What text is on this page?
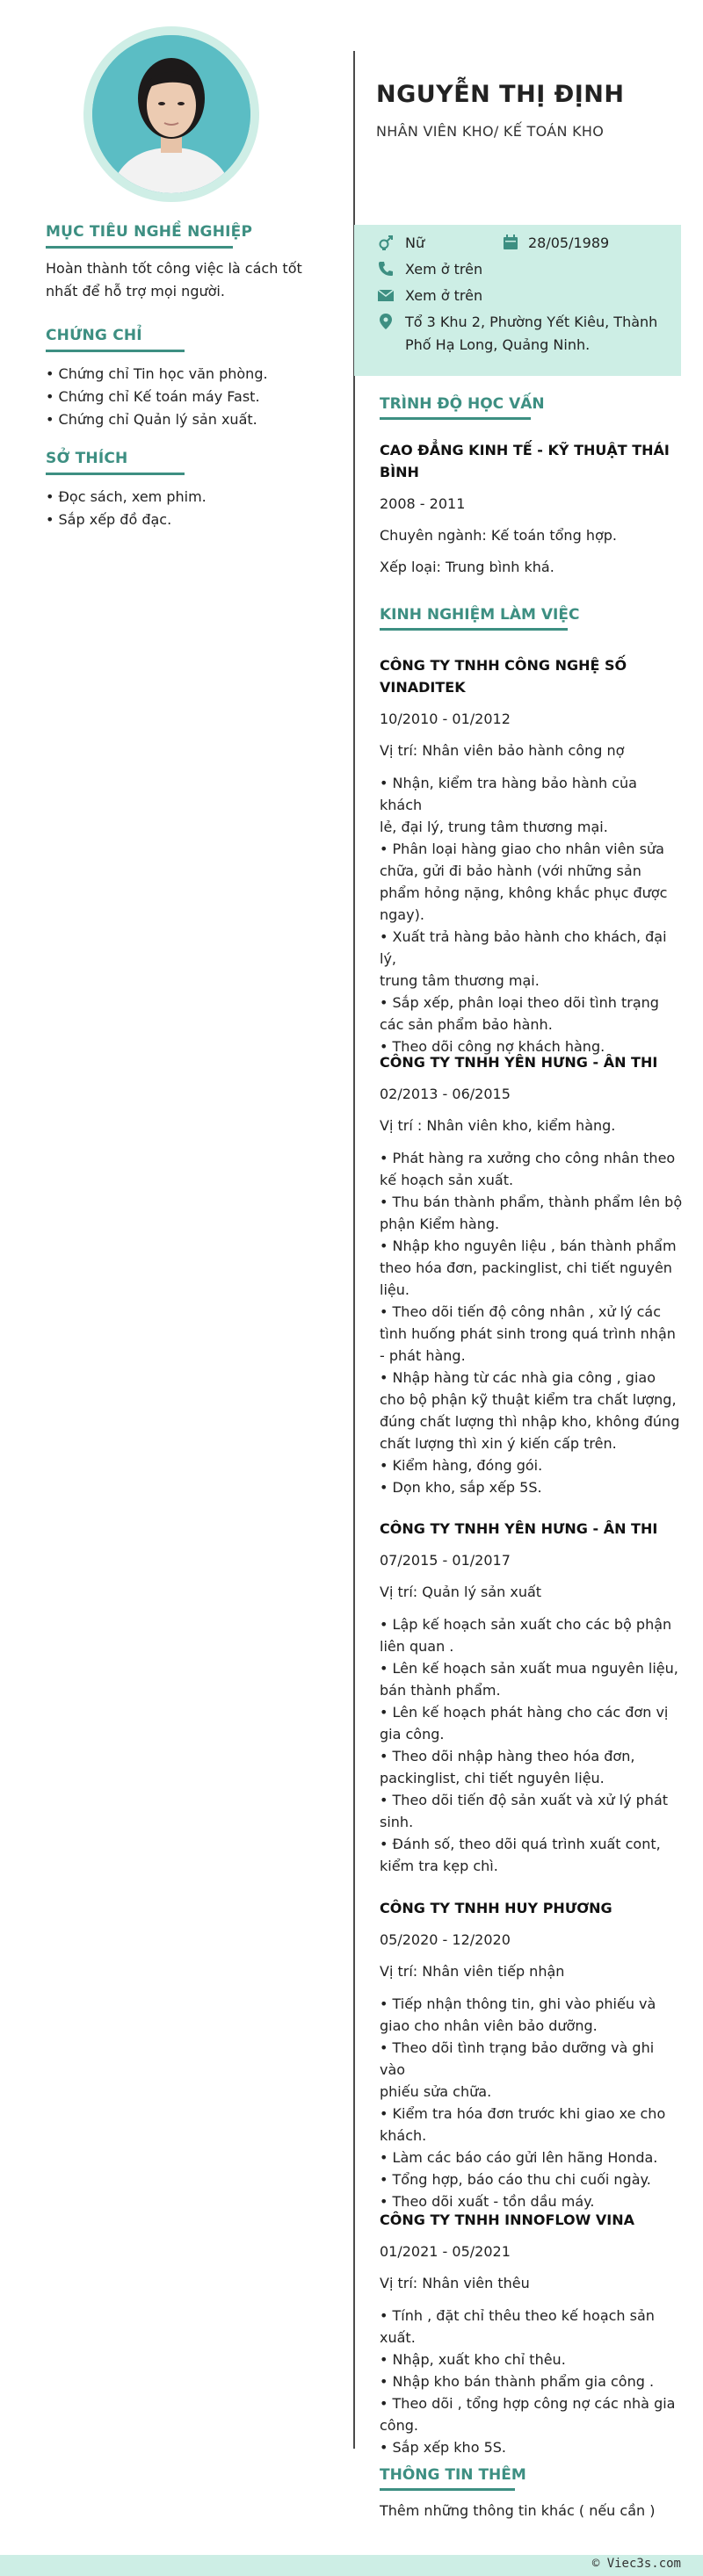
MỤC TIÊU NGHỀ NGHIỆP
Hoàn thành tốt công việc là cách tốt
nhất để hỗ trợ mọi người.
CHỨNG CHỈ
• Chứng chỉ Tin học văn phòng.
• Chứng chỉ Kế toán máy Fast.
• Chứng chỉ Quản lý sản xuất.
SỞ THÍCH
• Đọc sách, xem phim.
• Sắp xếp đồ đạc.
NGUYỄN THỊ ĐỊNH
NHÂN VIÊN KHO/ KẾ TOÁN KHO
Nữ	28/05/1989
Xem ở trên
Xem ở trên
Tổ 3 Khu 2, Phường Yết Kiêu, Thành
Phố Hạ Long, Quảng Ninh.
TRÌNH ĐỘ HỌC VẤN
CAO ĐẲNG KINH TẾ - KỸ THUẬT THÁI
BÌNH
2008 - 2011
Chuyên ngành: Kế toán tổng hợp.
Xếp loại: Trung bình khá.
KINH NGHIỆM LÀM VIỆC
CÔNG TY TNHH CÔNG NGHỆ SỐ
VINADITEK
10/2010 - 01/2012
Vị trí: Nhân viên bảo hành công nợ
• Nhận, kiểm tra hàng bảo hành của khách
lẻ, đại lý, trung tâm thương mại.
• Phân loại hàng giao cho nhân viên sửa
chữa, gửi đi bảo hành (với những sản
phẩm hỏng nặng, không khắc phục được
ngay).
• Xuất trả hàng bảo hành cho khách, đại lý,
trung tâm thương mại.
• Sắp xếp, phân loại theo dõi tình trạng
các sản phẩm bảo hành.
• Theo dõi công nợ khách hàng.
CÔNG TY TNHH YÊN HƯNG - ÂN THI
02/2013 - 06/2015
Vị trí : Nhân viên kho, kiểm hàng.
• Phát hàng ra xưởng cho công nhân theo
kế hoạch sản xuất.
• Thu bán thành phẩm, thành phẩm lên bộ
phận Kiểm hàng.
• Nhập kho nguyên liệu , bán thành phẩm
theo hóa đơn, packinglist, chi tiết nguyên
liệu.
• Theo dõi tiến độ công nhân , xử lý các
tình huống phát sinh trong quá trình nhận
- phát hàng.
• Nhập hàng từ các nhà gia công , giao
cho bộ phận kỹ thuật kiểm tra chất lượng,
đúng chất lượng thì nhập kho, không đúng
chất lượng thì xin ý kiến cấp trên.
• Kiểm hàng, đóng gói.
• Dọn kho, sắp xếp 5S.
CÔNG TY TNHH YÊN HƯNG - ÂN THI
07/2015 - 01/2017
Vị trí: Quản lý sản xuất
• Lập kế hoạch sản xuất cho các bộ phận
liên quan .
• Lên kế hoạch sản xuất mua nguyên liệu,
bán thành phẩm.
• Lên kế hoạch phát hàng cho các đơn vị
gia công.
• Theo dõi nhập hàng theo hóa đơn,
packinglist, chi tiết nguyên liệu.
• Theo dõi tiến độ sản xuất và xử lý phát
sinh.
• Đánh số, theo dõi quá trình xuất cont,
kiểm tra kẹp chì.
CÔNG TY TNHH HUY PHƯƠNG
05/2020 - 12/2020
Vị trí: Nhân viên tiếp nhận
• Tiếp nhận thông tin, ghi vào phiếu và
giao cho nhân viên bảo dưỡng.
• Theo dõi tình trạng bảo dưỡng và ghi vào
phiếu sửa chữa.
• Kiểm tra hóa đơn trước khi giao xe cho
khách.
• Làm các báo cáo gửi lên hãng Honda.
• Tổng hợp, báo cáo thu chi cuối ngày.
• Theo dõi xuất - tồn dầu máy.
CÔNG TY TNHH INNOFLOW VINA
01/2021 - 05/2021
Vị trí: Nhân viên thêu
• Tính , đặt chỉ thêu theo kế hoạch sản
xuất.
• Nhập, xuất kho chỉ thêu.
• Nhập kho bán thành phẩm gia công .
• Theo dõi , tổng hợp công nợ các nhà gia
công.
• Sắp xếp kho 5S.
THÔNG TIN THÊM
Thêm những thông tin khác ( nếu cần )
© Viec3s.com
